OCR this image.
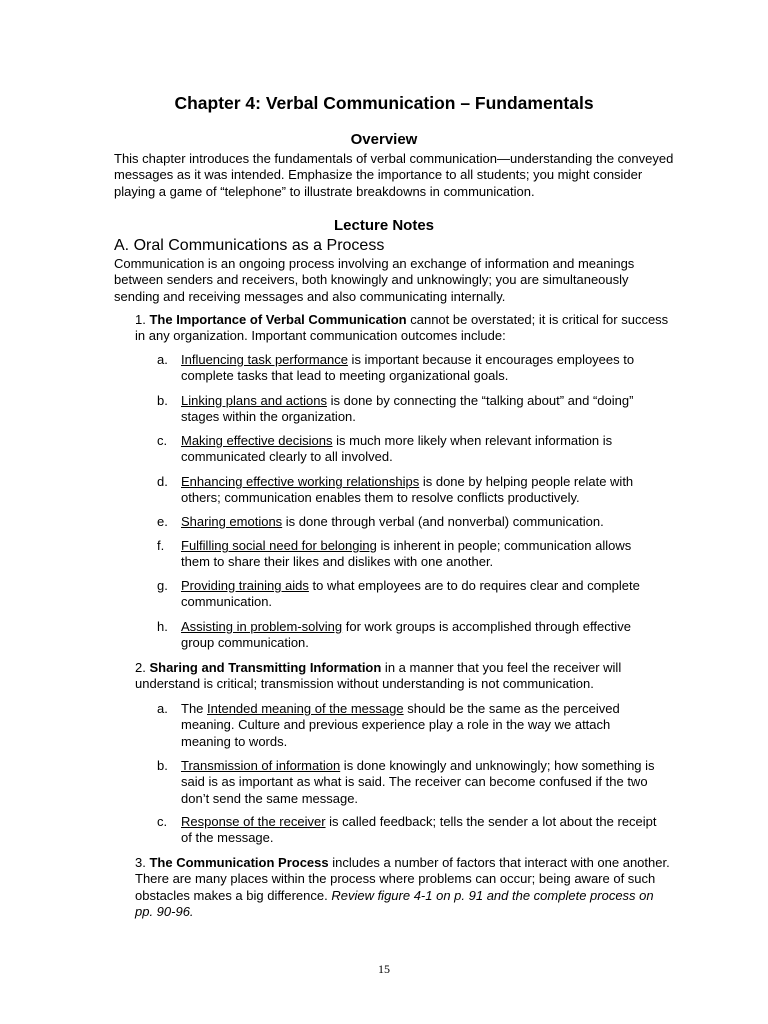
Chapter 4: Verbal Communication – Fundamentals
Overview

This chapter introduces the fundamentals of verbal communication—understanding the conveyed messages as it was intended. Emphasize the importance to all students; you might consider playing a game of “telephone” to illustrate breakdowns in communication.

Lecture Notes
A. Oral Communications as a Process

Communication is an ongoing process involving an exchange of information and meanings between senders and receivers, both knowingly and unknowingly; you are simultaneously sending and receiving messages and also communicating internally.

1. The Importance of Verbal Communication cannot be overstated; it is critical for success in any organization. Important communication outcomes include:

a.	Influencing task performance is important because it encourages employees to complete tasks that lead to meeting organizational goals.

b.	Linking plans and actions is done by connecting the “talking about” and “doing” stages within the organization.

c.	Making effective decisions is much more likely when relevant information is communicated clearly to all involved.

d.	Enhancing effective working relationships is done by helping people relate with others; communication enables them to resolve conflicts productively.

e.	Sharing emotions is done through verbal (and nonverbal) communication.

f.	Fulfilling social need for belonging is inherent in people; communication allows them to share their likes and dislikes with one another.

g.	Providing training aids to what employees are to do requires clear and complete communication.

h.	Assisting in problem-solving for work groups is accomplished through effective group communication.

2. Sharing and Transmitting Information in a manner that you feel the receiver will understand is critical; transmission without understanding is not communication.

a.	The Intended meaning of the message should be the same as the perceived meaning. Culture and previous experience play a role in the way we attach meaning to words.

b.	Transmission of information is done knowingly and unknowingly; how something is said is as important as what is said. The receiver can become confused if the two don’t send the same message.

c.	Response of the receiver is called feedback; tells the sender a lot about the receipt of the message.

3. The Communication Process includes a number of factors that interact with one another. There are many places within the process where problems can occur; being aware of such obstacles makes a big difference. Review figure 4-1 on p. 91 and the complete process on pp. 90-96.

15
